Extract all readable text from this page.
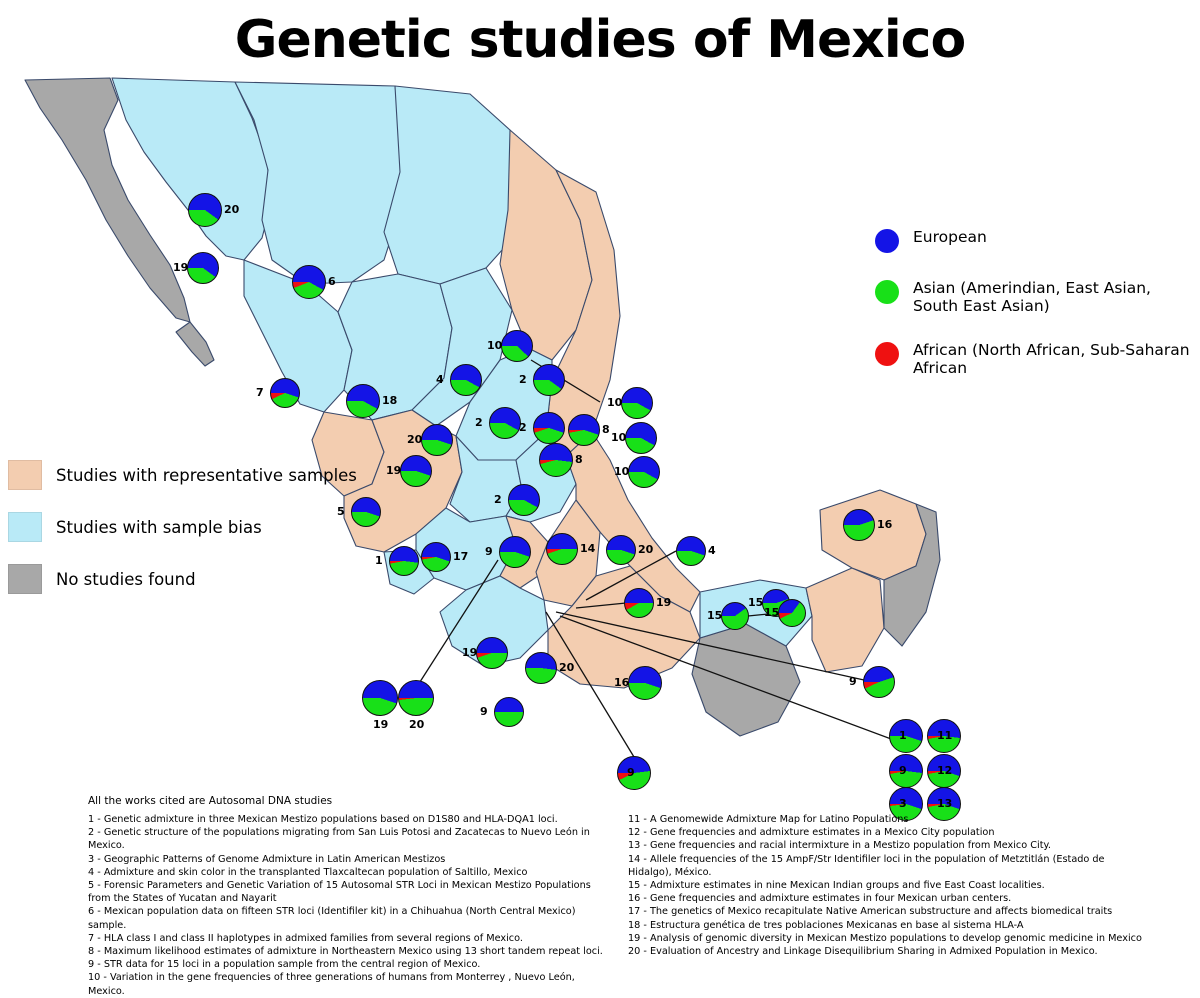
Genetic studies of Mexico
European
Asian (Amerindian, East Asian, South East Asian)
African (North African, Sub-Saharan African
Studies with representative samples
Studies with sample bias
No studies found
20
19
6
7
18
4
10
2
20
2	2	8
19
8
10
10
10
2
5
1	17 9	14	20	4
19
15
15
15
16
19
20
16
9
19 20
9
9
1	11
9	12
3	13
All the works cited are Autosomal DNA studies
1 - Genetic admixture in three Mexican Mestizo populations based on D1S80 and HLA-DQA1 loci.
2 - Genetic structure of the populations migrating from San Luis Potosi and Zacatecas to Nuevo León in Mexico.
3 - Geographic Patterns of Genome Admixture in Latin American Mestizos
4 - Admixture and skin color in the transplanted Tlaxcaltecan population of Saltillo, Mexico
5 - Forensic Parameters and Genetic Variation of 15 Autosomal STR Loci in Mexican Mestizo Populations from the States of Yucatan and Nayarit
6 - Mexican population data on fifteen STR loci (Identifiler kit) in a Chihuahua (North Central Mexico) sample.
7 - HLA class I and class II haplotypes in admixed families from several regions of Mexico.
8 - Maximum likelihood estimates of admixture in Northeastern Mexico using 13 short tandem repeat loci.
9 - STR data for 15 loci in a population sample from the central region of Mexico.
10 - Variation in the gene frequencies of three generations of humans from Monterrey , Nuevo León, Mexico.
11 - A Genomewide Admixture Map for Latino Populations
12 - Gene frequencies and admixture estimates in a Mexico City population
13 - Gene frequencies and racial intermixture in a Mestizo population from Mexico City.
14 - Allele frequencies of the 15 AmpF/Str Identifiler loci in the population of Metztitlán (Estado de Hidalgo), México.
15 - Admixture estimates in nine Mexican Indian groups and five East Coast localities.
16 - Gene frequencies and admixture estimates in four Mexican urban centers.
17 - The genetics of Mexico recapitulate Native American substructure and affects biomedical traits
18 - Estructura genética de tres poblaciones Mexicanas en base al sistema HLA-A
19 - Analysis of genomic diversity in Mexican Mestizo populations to develop genomic medicine in Mexico
20 - Evaluation of Ancestry and Linkage Disequilibrium Sharing in Admixed Population in Mexico.
